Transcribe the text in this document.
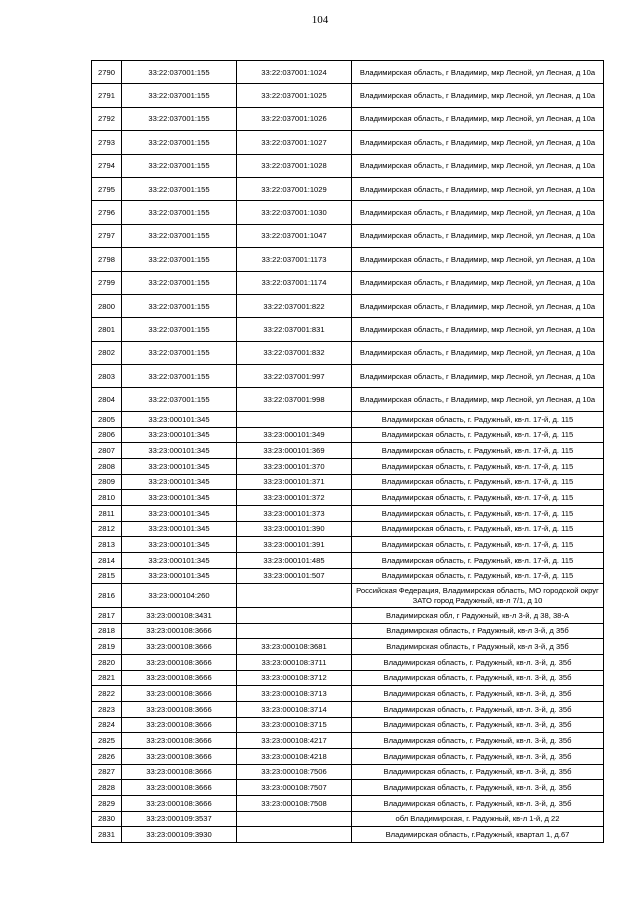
104
2790	33:22:037001:155	33:22:037001:1024	Владимирская область, г Владимир, мкр Лесной, ул Лесная, д 10а
2791	33:22:037001:155	33:22:037001:1025	Владимирская область, г Владимир, мкр Лесной, ул Лесная, д 10а
2792	33:22:037001:155	33:22:037001:1026	Владимирская область, г Владимир, мкр Лесной, ул Лесная, д 10а
2793	33:22:037001:155	33:22:037001:1027	Владимирская область, г Владимир, мкр Лесной, ул Лесная, д 10а
2794	33:22:037001:155	33:22:037001:1028	Владимирская область, г Владимир, мкр Лесной, ул Лесная, д 10а
2795	33:22:037001:155	33:22:037001:1029	Владимирская область, г Владимир, мкр Лесной, ул Лесная, д 10а
2796	33:22:037001:155	33:22:037001:1030	Владимирская область, г Владимир, мкр Лесной, ул Лесная, д 10а
2797	33:22:037001:155	33:22:037001:1047	Владимирская область, г Владимир, мкр Лесной, ул Лесная, д 10а
2798	33:22:037001:155	33:22:037001:1173	Владимирская область, г Владимир, мкр Лесной, ул Лесная, д 10а
2799	33:22:037001:155	33:22:037001:1174	Владимирская область, г Владимир, мкр Лесной, ул Лесная, д 10а
2800	33:22:037001:155	33:22:037001:822	Владимирская область, г Владимир, мкр Лесной, ул Лесная, д 10а
2801	33:22:037001:155	33:22:037001:831	Владимирская область, г Владимир, мкр Лесной, ул Лесная, д 10а
2802	33:22:037001:155	33:22:037001:832	Владимирская область, г Владимир, мкр Лесной, ул Лесная, д 10а
2803	33:22:037001:155	33:22:037001:997	Владимирская область, г Владимир, мкр Лесной, ул Лесная, д 10а
2804	33:22:037001:155	33:22:037001:998	Владимирская область, г Владимир, мкр Лесной, ул Лесная, д 10а
2805	33:23:000101:345		Владимирская область, г. Радужный, кв-л. 17-й, д. 115
2806	33:23:000101:345	33:23:000101:349	Владимирская область, г. Радужный, кв-л. 17-й, д. 115
2807	33:23:000101:345	33:23:000101:369	Владимирская область, г. Радужный, кв-л. 17-й, д. 115
2808	33:23:000101:345	33:23:000101:370	Владимирская область, г. Радужный, кв-л. 17-й, д. 115
2809	33:23:000101:345	33:23:000101:371	Владимирская область, г. Радужный, кв-л. 17-й, д. 115
2810	33:23:000101:345	33:23:000101:372	Владимирская область, г. Радужный, кв-л. 17-й, д. 115
2811	33:23:000101:345	33:23:000101:373	Владимирская область, г. Радужный, кв-л. 17-й, д. 115
2812	33:23:000101:345	33:23:000101:390	Владимирская область, г. Радужный, кв-л. 17-й, д. 115
2813	33:23:000101:345	33:23:000101:391	Владимирская область, г. Радужный, кв-л. 17-й, д. 115
2814	33:23:000101:345	33:23:000101:485	Владимирская область, г. Радужный, кв-л. 17-й, д. 115
2815	33:23:000101:345	33:23:000101:507	Владимирская область, г. Радужный, кв-л. 17-й, д. 115
2816	33:23:000104:260		Российская Федерация, Владимирская область, МО городской округ ЗАТО город Радужный, кв-л 7/1, д 10
2817	33:23:000108:3431		Владимирская обл, г Радужный, кв-л 3-й, д 38, 38-А
2818	33:23:000108:3666		Владимирская область, г Радужный, кв-л 3-й, д 35б
2819	33:23:000108:3666	33:23:000108:3681	Владимирская область, г Радужный, кв-л 3-й, д 35б
2820	33:23:000108:3666	33:23:000108:3711	Владимирская область, г. Радужный, кв-л. 3-й, д. 35б
2821	33:23:000108:3666	33:23:000108:3712	Владимирская область, г. Радужный, кв-л. 3-й, д. 35б
2822	33:23:000108:3666	33:23:000108:3713	Владимирская область, г. Радужный, кв-л. 3-й, д. 35б
2823	33:23:000108:3666	33:23:000108:3714	Владимирская область, г. Радужный, кв-л. 3-й, д. 35б
2824	33:23:000108:3666	33:23:000108:3715	Владимирская область, г. Радужный, кв-л. 3-й, д. 35б
2825	33:23:000108:3666	33:23:000108:4217	Владимирская область, г. Радужный, кв-л. 3-й, д. 35б
2826	33:23:000108:3666	33:23:000108:4218	Владимирская область, г. Радужный, кв-л. 3-й, д. 35б
2827	33:23:000108:3666	33:23:000108:7506	Владимирская область, г. Радужный, кв-л. 3-й, д. 35б
2828	33:23:000108:3666	33:23:000108:7507	Владимирская область, г. Радужный, кв-л. 3-й, д. 35б
2829	33:23:000108:3666	33:23:000108:7508	Владимирская область, г. Радужный, кв-л. 3-й, д. 35б
2830	33:23:000109:3537		обл Владимирская, г. Радужный, кв-л 1-й, д 22
2831	33:23:000109:3930		Владимирская область, г.Радужный, квартал 1, д.67
